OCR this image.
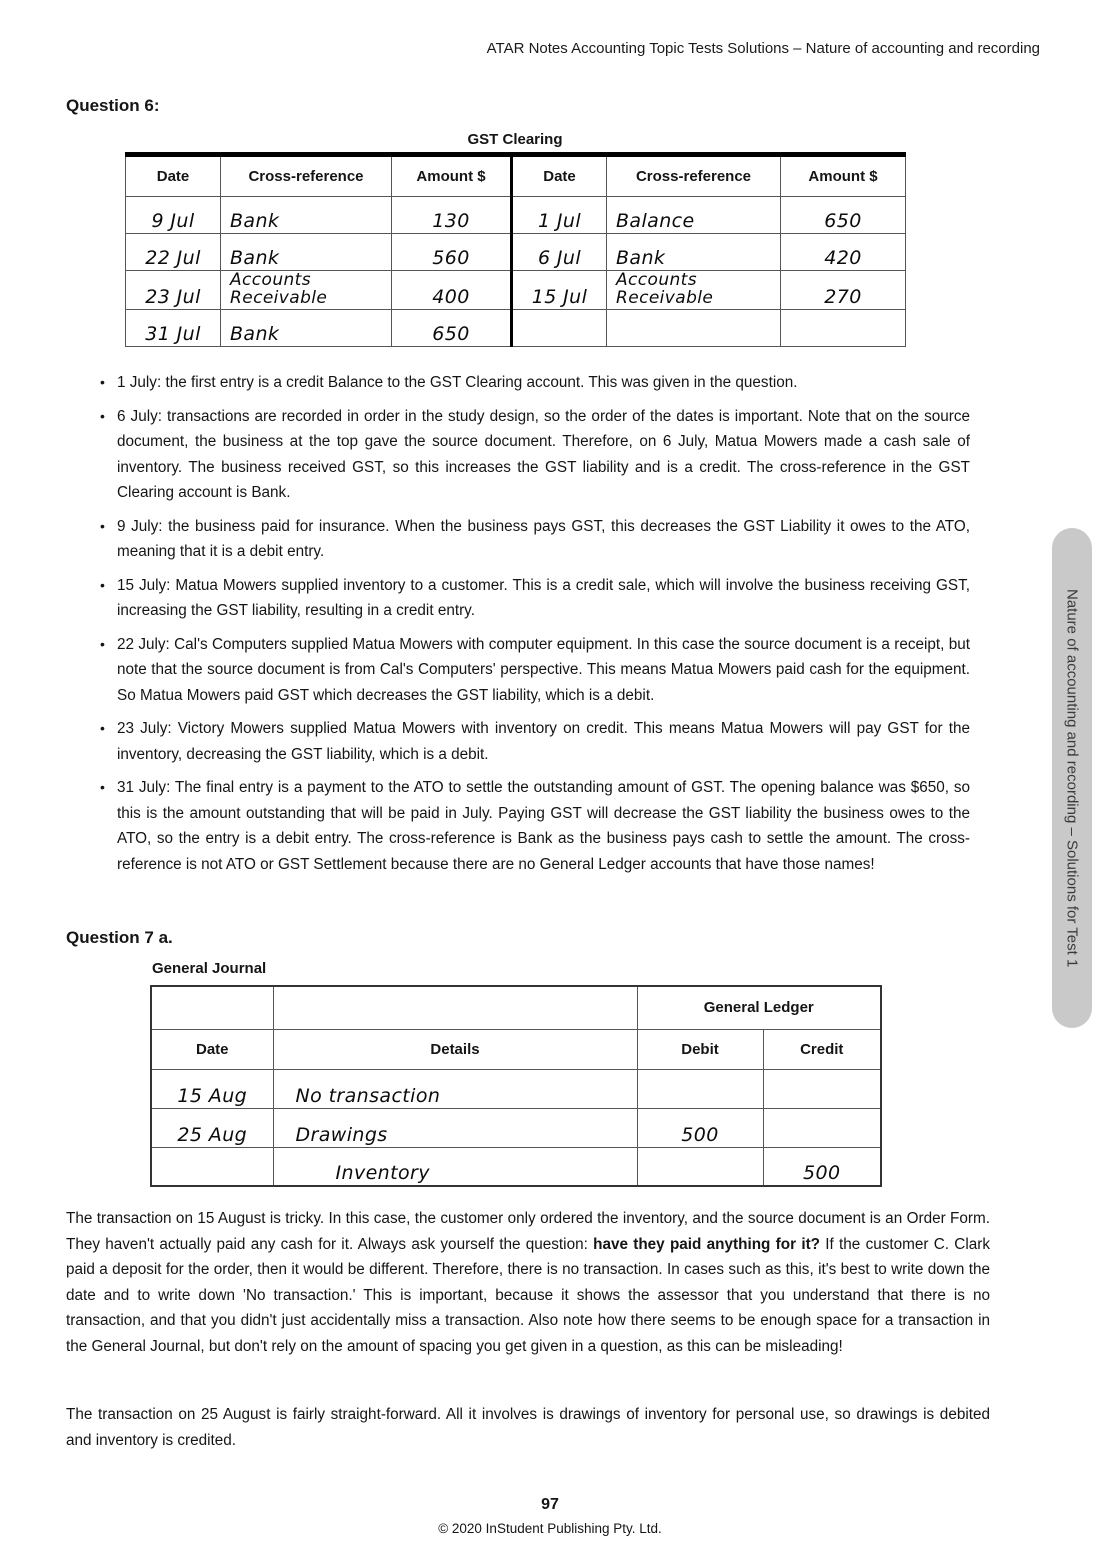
ATAR Notes Accounting Topic Tests Solutions – Nature of accounting and recording
Question 6:
GST Clearing
Date	Cross-reference	Amount $	Date	Cross-reference	Amount $
9 Jul	Bank	130	1 Jul	Balance	650
22 Jul	Bank	560	6 Jul	Bank	420
23 Jul	Accounts Receivable	400	15 Jul	Accounts Receivable	270
31 Jul	Bank	650			
• 1 July: the first entry is a credit Balance to the GST Clearing account. This was given in the question.
• 6 July: transactions are recorded in order in the study design, so the order of the dates is important. Note that on the source document, the business at the top gave the source document. Therefore, on 6 July, Matua Mowers made a cash sale of inventory. The business received GST, so this increases the GST liability and is a credit. The cross-reference in the GST Clearing account is Bank.
• 9 July: the business paid for insurance. When the business pays GST, this decreases the GST Liability it owes to the ATO, meaning that it is a debit entry.
• 15 July: Matua Mowers supplied inventory to a customer. This is a credit sale, which will involve the business receiving GST, increasing the GST liability, resulting in a credit entry.
• 22 July: Cal's Computers supplied Matua Mowers with computer equipment. In this case the source document is a receipt, but note that the source document is from Cal's Computers' perspective. This means Matua Mowers paid cash for the equipment. So Matua Mowers paid GST which decreases the GST liability, which is a debit.
• 23 July: Victory Mowers supplied Matua Mowers with inventory on credit. This means Matua Mowers will pay GST for the inventory, decreasing the GST liability, which is a debit.
• 31 July: The final entry is a payment to the ATO to settle the outstanding amount of GST. The opening balance was $650, so this is the amount outstanding that will be paid in July. Paying GST will decrease the GST liability the business owes to the ATO, so the entry is a debit entry. The cross-reference is Bank as the business pays cash to settle the amount. The cross-reference is not ATO or GST Settlement because there are no General Ledger accounts that have those names!
Question 7 a.
General Journal
		General Ledger	
Date	Details	Debit	Credit
15 Aug	No transaction		
25 Aug	Drawings	500	
	Inventory		500
The transaction on 15 August is tricky. In this case, the customer only ordered the inventory, and the source document is an Order Form. They haven't actually paid any cash for it. Always ask yourself the question: have they paid anything for it? If the customer C. Clark paid a deposit for the order, then it would be different. Therefore, there is no transaction. In cases such as this, it's best to write down the date and to write down 'No transaction.' This is important, because it shows the assessor that you understand that there is no transaction, and that you didn't just accidentally miss a transaction. Also note how there seems to be enough space for a transaction in the General Journal, but don't rely on the amount of spacing you get given in a question, as this can be misleading!
The transaction on 25 August is fairly straight-forward. All it involves is drawings of inventory for personal use, so drawings is debited and inventory is credited.
97
© 2020 InStudent Publishing Pty. Ltd.
Nature of accounting and recording – Solutions for Test 1
